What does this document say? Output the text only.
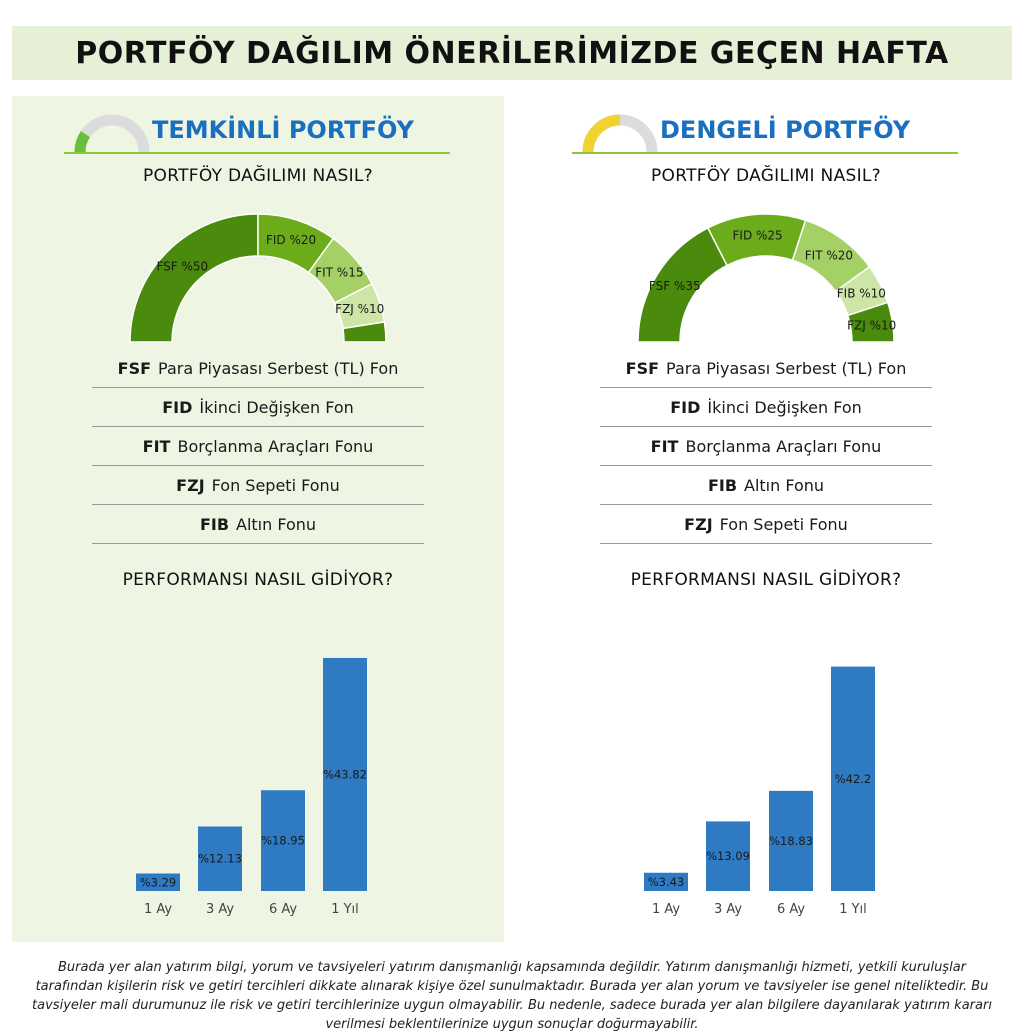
PORTFÖY DAĞILIM ÖNERİLERİMİZDE GEÇEN HAFTA
TEMKİNLİ PORTFÖY
PORTFÖY DAĞILIMI NASIL?
FSF %50
FID %20
FIT %15
FZJ %10
FSF Para Piyasası Serbest (TL) Fon
FID İkinci Değişken Fon
FIT Borçlanma Araçları Fonu
FZJ Fon Sepeti Fonu
FIB Altın Fonu
PERFORMANSI NASIL GİDİYOR?
%3.29
1 Ay
%12.13
3 Ay
%18.95
6 Ay
%43.82
1 Yıl
DENGELİ PORTFÖY
PORTFÖY DAĞILIMI NASIL?
FSF %35
FID %25
FIT %20
FIB %10
FZJ %10
FSF Para Piyasası Serbest (TL) Fon
FID İkinci Değişken Fon
FIT Borçlanma Araçları Fonu
FIB Altın Fonu
FZJ Fon Sepeti Fonu
PERFORMANSI NASIL GİDİYOR?
%3.43
1 Ay
%13.09
3 Ay
%18.83
6 Ay
%42.2
1 Yıl
Burada yer alan yatırım bilgi, yorum ve tavsiyeleri yatırım danışmanlığı kapsamında değildir. Yatırım danışmanlığı hizmeti, yetkili kuruluşlar tarafından kişilerin risk ve getiri tercihleri dikkate alınarak kişiye özel sunulmaktadır. Burada yer alan yorum ve tavsiyeler ise genel niteliktedir. Bu tavsiyeler mali durumunuz ile risk ve getiri tercihlerinize uygun olmayabilir. Bu nedenle, sadece burada yer alan bilgilere dayanılarak yatırım kararı verilmesi beklentilerinize uygun sonuçlar doğurmayabilir.
